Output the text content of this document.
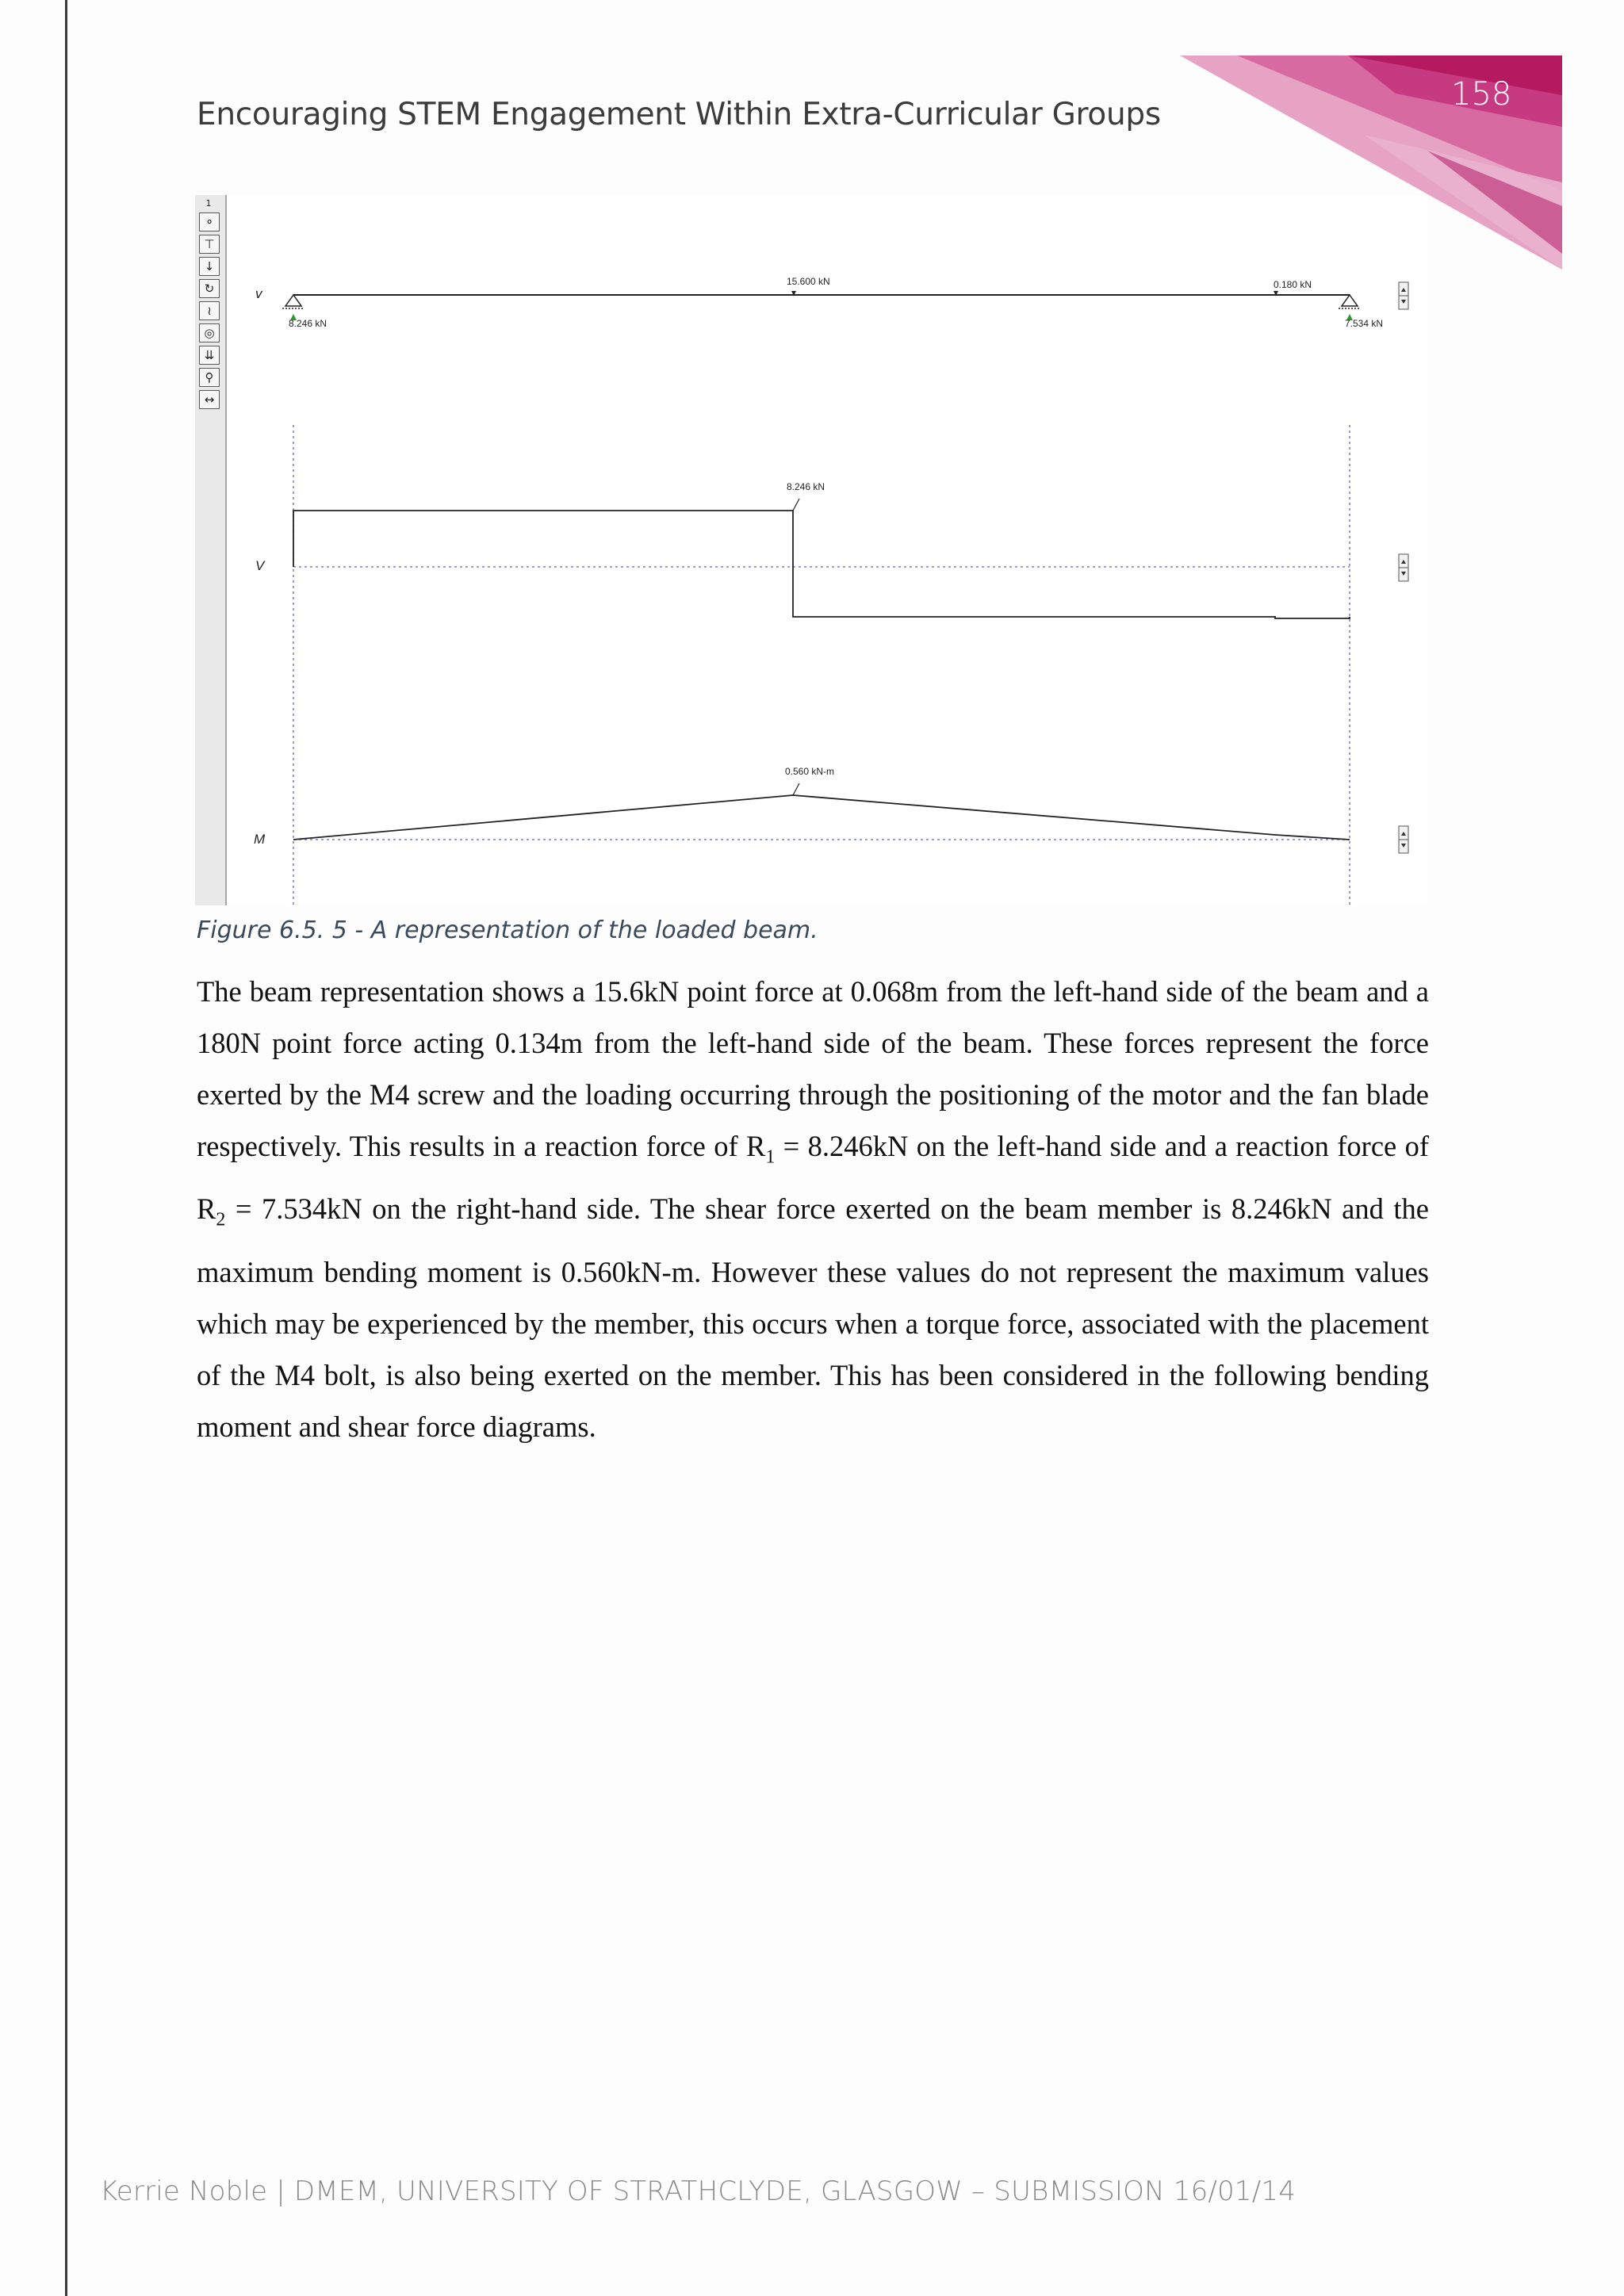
158
Encouraging STEM Engagement Within Extra-Curricular Groups
1
⚬
⊤
↓
↻
≀
◎
⇊
⚲
↔
v
15.600 kN	0.180 kN
8.246 kN	7.534 kN
V
8.246 kN
M
0.560 kN-m
Figure 6.5. 5 - A representation of the loaded beam.

The beam representation shows a 15.6kN point force at 0.068m from the left-hand side of the beam and a 180N point force acting 0.134m from the left-hand side of the beam. These forces represent the force exerted by the M4 screw and the loading occurring through the positioning of the motor and the fan blade respectively. This results in a reaction force of $R_1 = 8.246kN$ on the left-hand side and a reaction force of $R_2 = 7.534kN$ on the right-hand side. The shear force exerted on the beam member is 8.246kN and the maximum bending moment is 0.560kN-m. However these values do not represent the maximum values which may be experienced by the member, this occurs when a torque force, associated with the placement of the M4 bolt, is also being exerted on the member. This has been considered in the following bending moment and shear force diagrams.

Kerrie Noble | DMEM, UNIVERSITY OF STRATHCLYDE, GLASGOW – SUBMISSION 16/01/14
